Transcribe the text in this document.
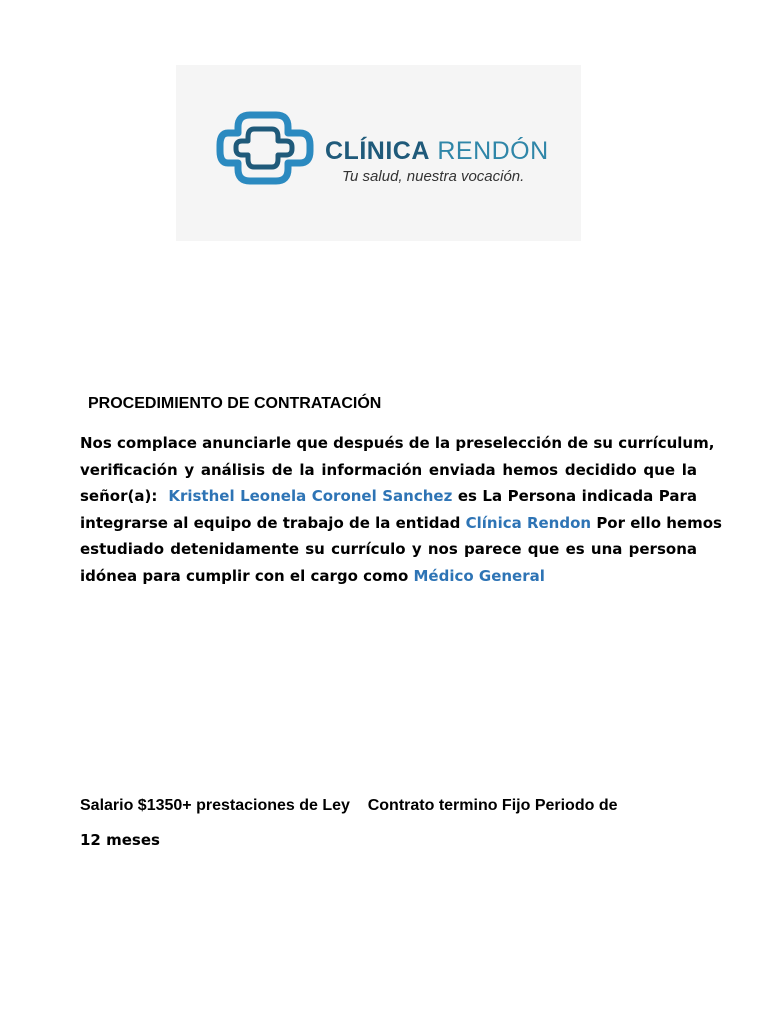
CLÍNICA RENDÓN
Tu salud, nuestra vocación.
PROCEDIMIENTO DE CONTRATACIÓN
Nos complace anunciarle que después de la preselección de su currículum,
verificación y análisis de la información enviada hemos decidido que la
señor(a): Kristhel Leonela Coronel Sanchez es La Persona indicada Para
integrarse al equipo de trabajo de la entidad Clínica Rendon Por ello hemos
estudiado detenidamente su currículo y nos parece que es una persona
idónea para cumplir con el cargo como Médico General
Salario $1350+ prestaciones de Ley    Contrato termino Fijo Periodo de
12 meses
